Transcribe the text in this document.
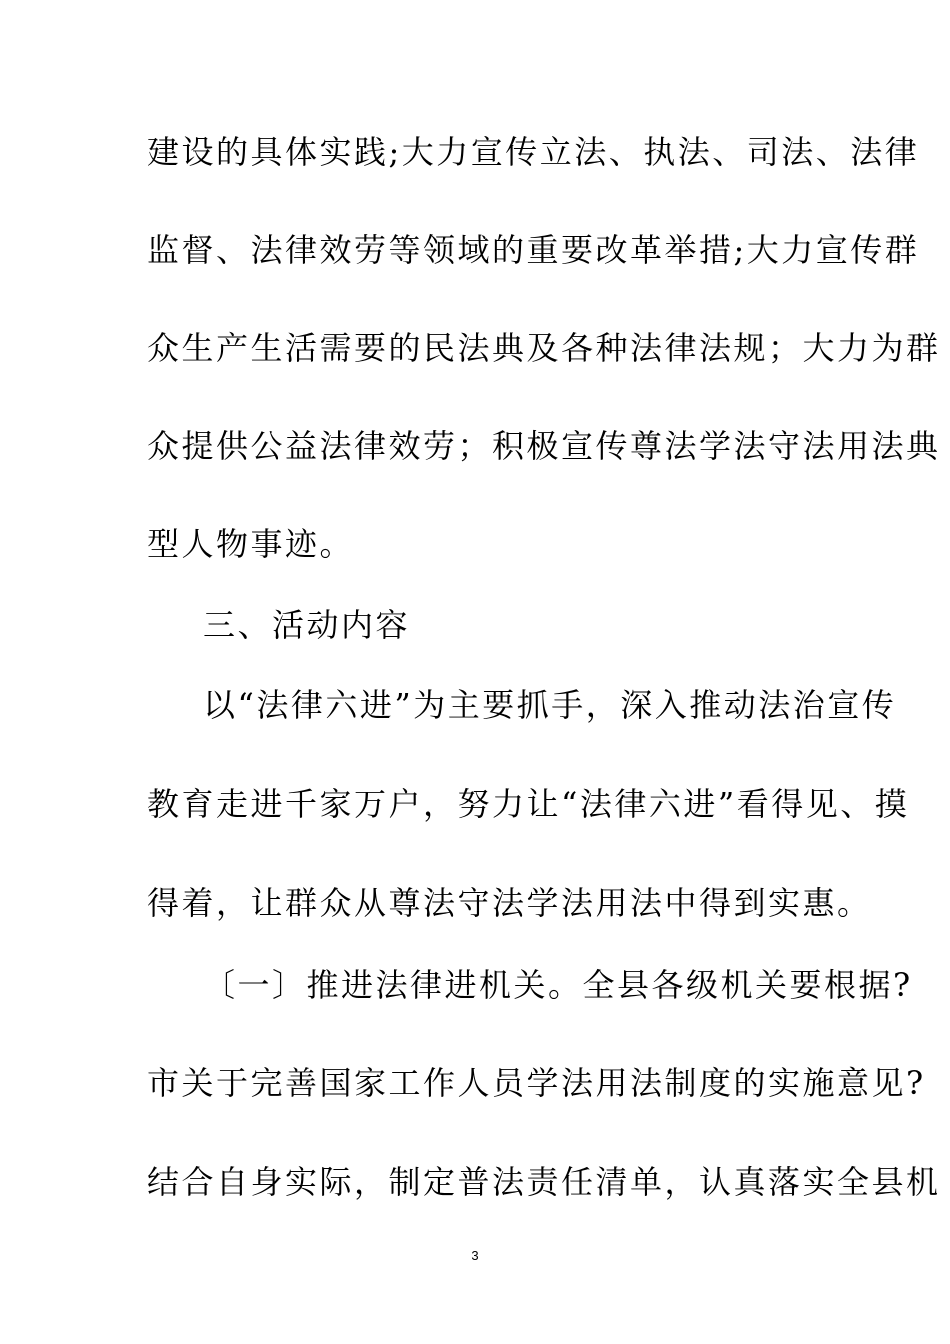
建设的具体实践;大力宣传立法、执法、司法、法律
监督、法律效劳等领域的重要改革举措;大力宣传群
众生产生活需要的民法典及各种法律法规；大力为群
众提供公益法律效劳；积极宣传尊法学法守法用法典
型人物事迹。
三、活动内容
以“法律六进”为主要抓手，深入推动法治宣传
教育走进千家万户，努力让“法律六进”看得见、摸
得着，让群众从尊法守法学法用法中得到实惠。
〔一〕推进法律进机关。全县各级机关要根据?
市关于完善国家工作人员学法用法制度的实施意见?
结合自身实际，制定普法责任清单，认真落实全县机
3
